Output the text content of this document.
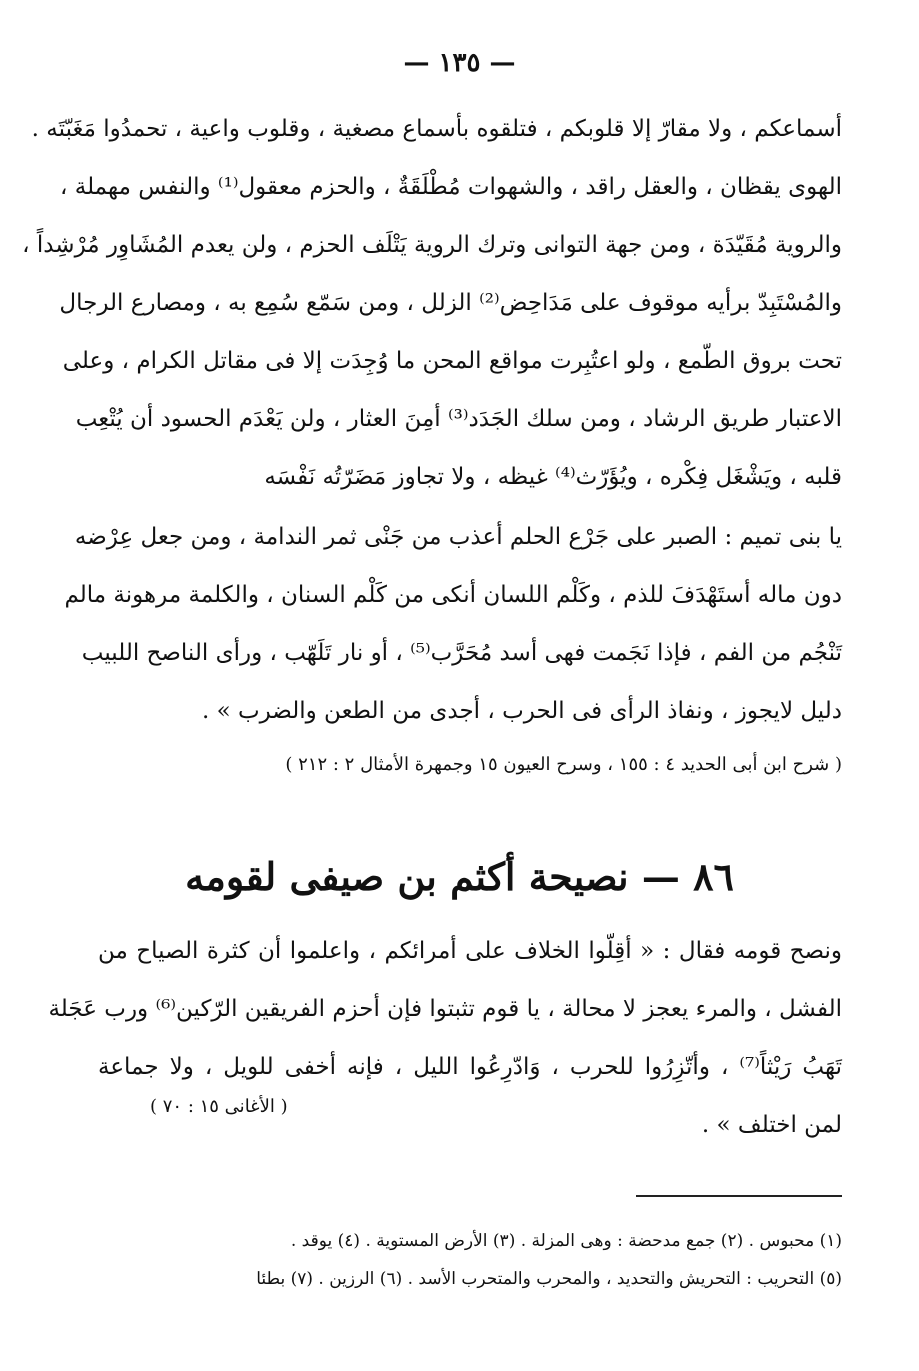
— ١٣٥ —
أسماعكم ، ولا مقارّ إلا قلوبكم ، فتلقوه بأسماع مصغية ، وقلوب واعية ، تحمدُوا مَغَبّتَه .
الهوى يقظان ، والعقل راقد ، والشهوات مُطْلَقَةٌ ، والحزم معقول⁽¹⁾ والنفس مهملة ،
والروية مُقَيّدَة ، ومن جهة التوانى وترك الروية يَتْلَف الحزم ، ولن يعدم المُشَاوِر مُرْشِداً ،
والمُسْتَبِدّ برأيه موقوف على مَدَاحِض⁽²⁾ الزلل ، ومن سَمّع سُمِع به ، ومصارع الرجال
تحت بروق الطّمع ، ولو اعتُبِرت مواقع المحن ما وُجِدَت إلا فى مقاتل الكرام ، وعلى
الاعتبار طريق الرشاد ، ومن سلك الجَدَد⁽³⁾ أمِنَ العثار ، ولن يَعْدَم الحسود أن يُتْعِب
قلبه ، ويَشْغَل فِكْره ، ويُؤَرّث⁽⁴⁾ غيظه ، ولا تجاوز مَضَرّتُه نَفْسَه
يا بنى تميم : الصبر على جَرْع الحلم أعذب من جَنْى ثمر الندامة ، ومن جعل عِرْضه
دون ماله أستَهْدَفَ للذم ، وكَلْم اللسان أنكى من كَلْم السنان ، والكلمة مرهونة مالم
تَنْجُم من الفم ، فإذا نَجَمت فهى أسد مُحَرَّب⁽⁵⁾ ، أو نار تَلَهّب ، ورأى الناصح اللبيب
دليل لايجوز ، ونفاذ الرأى فى الحرب ، أجدى من الطعن والضرب » .
( شرح ابن أبى الحديد ٤ : ١٥٥ ، وسرح العيون ١٥ وجمهرة الأمثال ٢ : ٢١٢ )
٨٦ — نصيحة أكثم بن صيفى لقومه
ونصح قومه فقال : « أقِلّوا الخلاف على أمرائكم ، واعلموا أن كثرة الصياح من
الفشل ، والمرء يعجز لا محالة ، يا قوم تثبتوا فإن أحزم الفريقين الرّكين⁽⁶⁾ ورب عَجَلة
تَهَبُ رَيْثاً⁽⁷⁾ ، وأتّزِرُوا للحرب ، وَادّرِعُوا الليل ، فإنه أخفى للويل ، ولا جماعة
لمن اختلف » .
( الأغانى ١٥ : ٧٠ )
(١) محبوس . (٢) جمع مدحضة : وهى المزلة . (٣) الأرض المستوية . (٤) يوقد .
(٥) التحريب : التحريش والتحديد ، والمحرب والمتحرب الأسد . (٦) الرزين . (٧) بطئا
